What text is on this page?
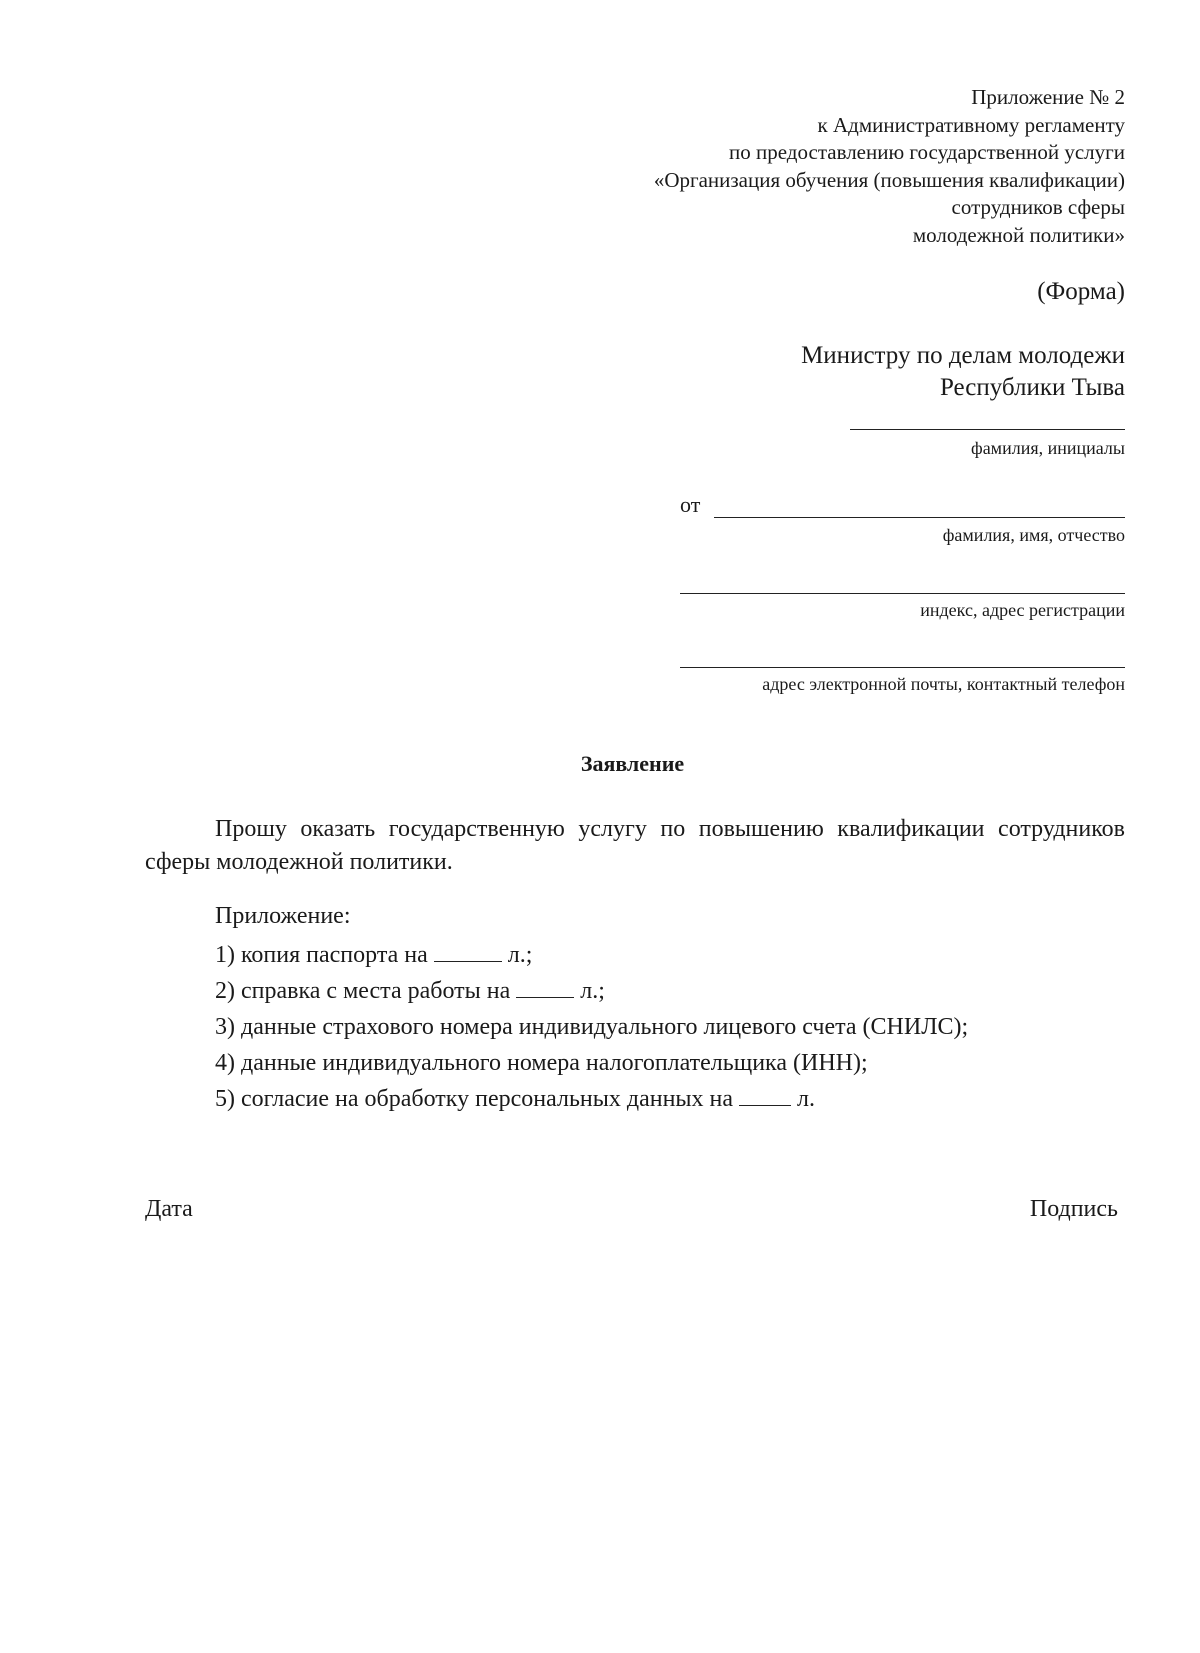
Приложение № 2
к Административному регламенту
по предоставлению государственной услуги
«Организация обучения (повышения квалификации)
сотрудников сферы
молодежной политики»
(Форма)
Министру по делам молодежи
Республики Тыва
фамилия, инициалы
от
фамилия, имя, отчество
индекс, адрес регистрации
адрес электронной почты, контактный телефон
Заявление
Прошу оказать государственную услугу по повышению квалификации сотрудников сферы молодежной политики.
Приложение:
1) копия паспорта на	л.;
2) справка с места работы на  л.;
3) данные страхового номера индивидуального лицевого счета (СНИЛС);
4) данные индивидуального номера налогоплательщика (ИНН);
5) согласие на обработку персональных данных на  л.
Дата	Подпись
